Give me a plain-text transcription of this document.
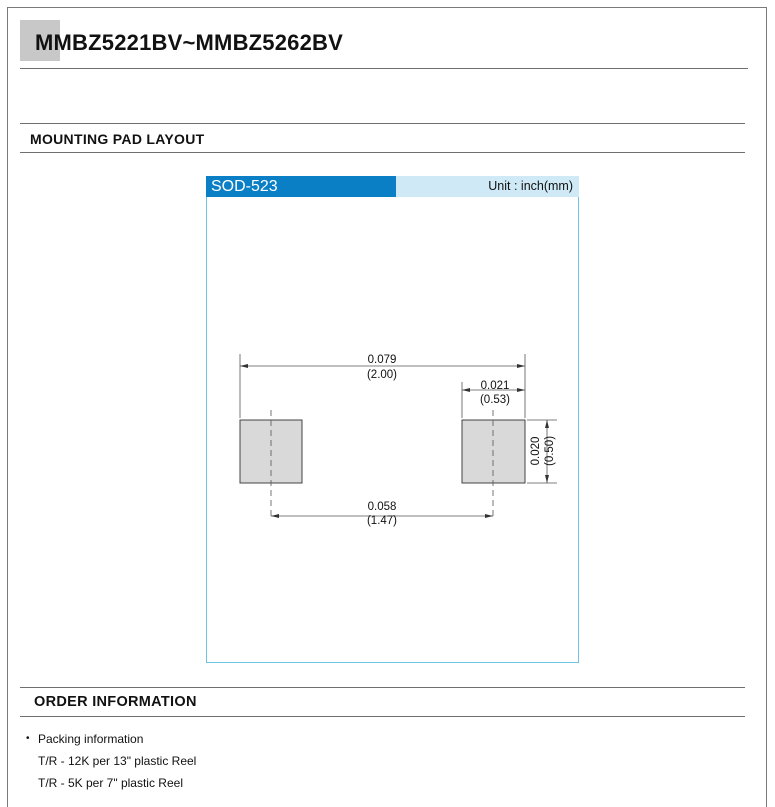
MMBZ5221BV~MMBZ5262BV
MOUNTING PAD LAYOUT
SOD-523	Unit : inch(mm)
0.079
(2.00)
0.021
(0.53)
0.058
(1.47)
0.020 (0.50)
ORDER INFORMATION
• Packing information
T/R - 12K per 13" plastic Reel
T/R - 5K per 7" plastic Reel
